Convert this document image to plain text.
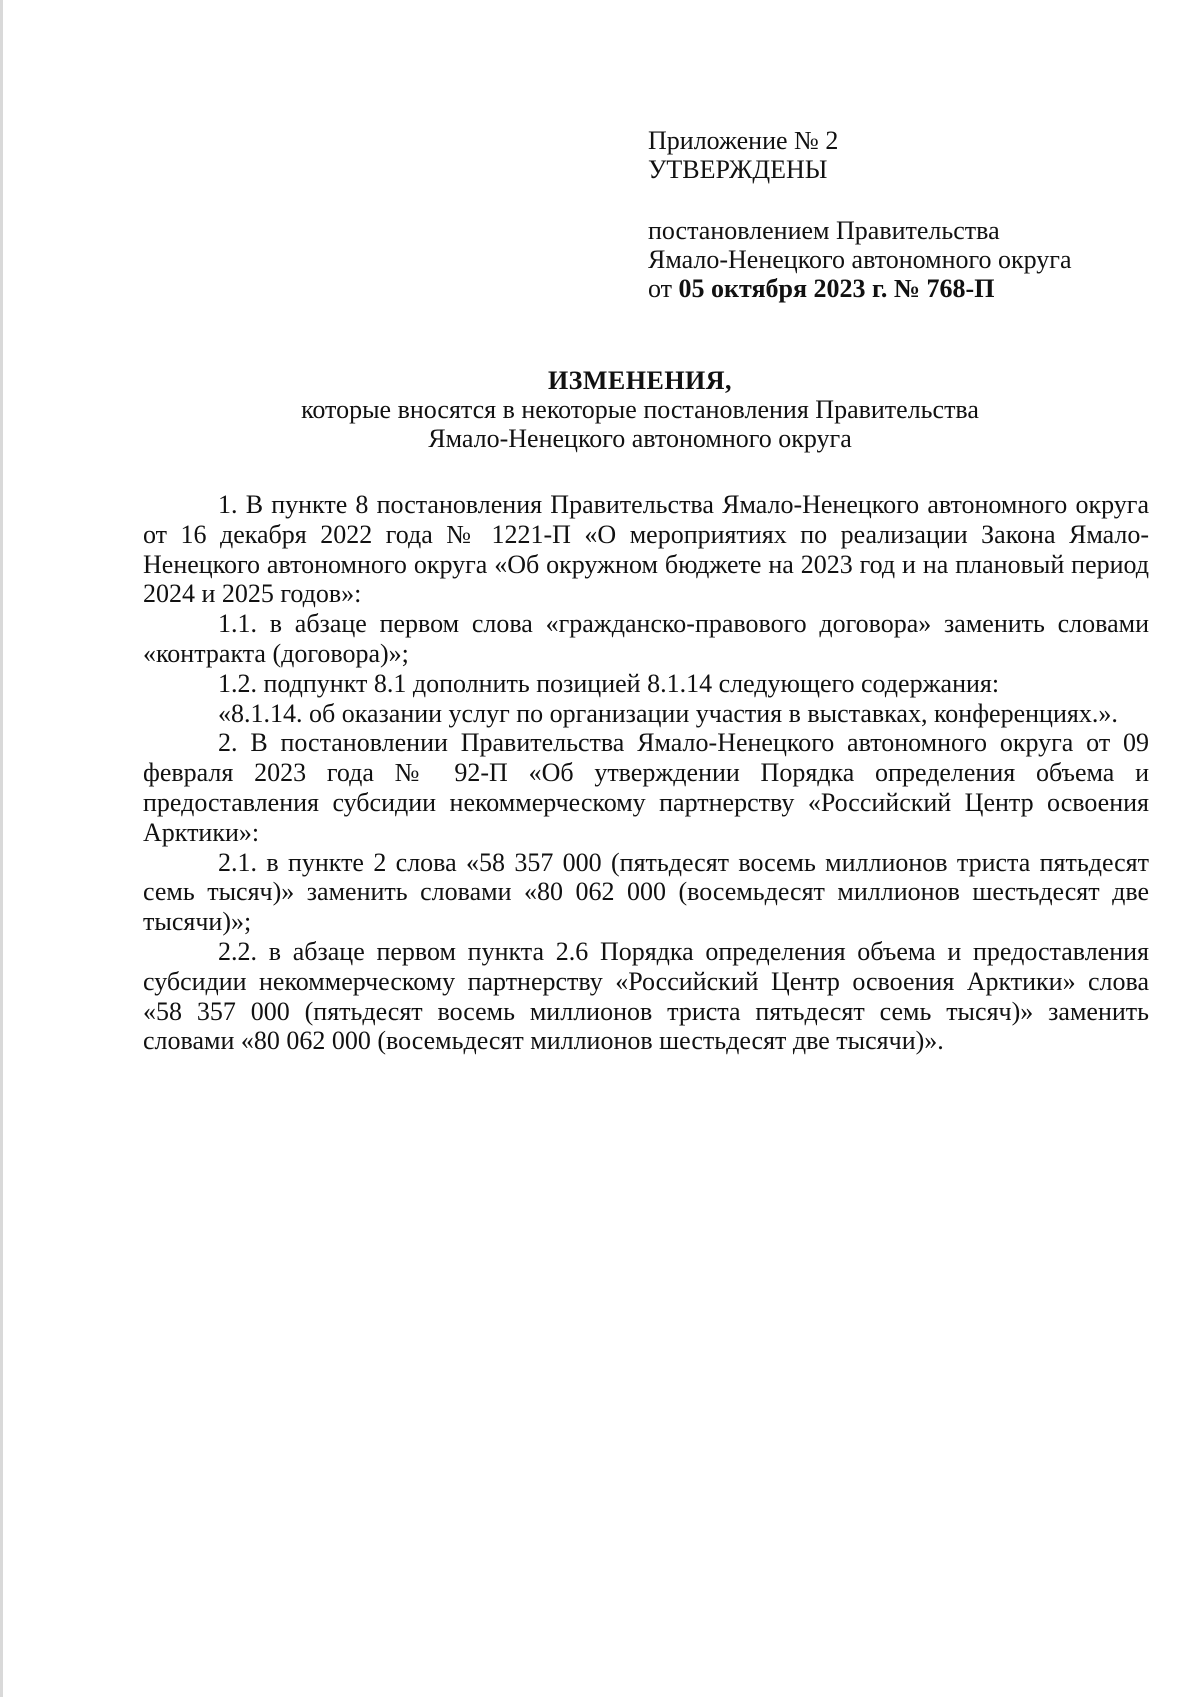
Приложение № 2
УТВЕРЖДЕНЫ
постановлением Правительства
Ямало-Ненецкого автономного округа
от 05 октября 2023 г. № 768-П
ИЗМЕНЕНИЯ,
которые вносятся в некоторые постановления Правительства
Ямало-Ненецкого автономного округа

1. В пункте 8 постановления Правительства Ямало-Ненецкого автономного округа от 16 декабря 2022 года № 1221-П «О мероприятиях по реализации Закона Ямало-Ненецкого автономного округа «Об окружном бюджете на 2023 год и на плановый период 2024 и 2025 годов»:

1.1. в абзаце первом слова «гражданско-правового договора» заменить словами «контракта (договора)»;

1.2. подпункт 8.1 дополнить позицией 8.1.14 следующего содержания:

«8.1.14. об оказании услуг по организации участия в выставках, конференциях.».

2. В постановлении Правительства Ямало-Ненецкого автономного округа от 09 февраля 2023 года № 92-П «Об утверждении Порядка определения объема и предоставления субсидии некоммерческому партнерству «Российский Центр освоения Арктики»:

2.1. в пункте 2 слова «58 357 000 (пятьдесят восемь миллионов триста пятьдесят семь тысяч)» заменить словами «80 062 000 (восемьдесят миллионов шестьдесят две тысячи)»;

2.2. в абзаце первом пункта 2.6 Порядка определения объема и предоставления субсидии некоммерческому партнерству «Российский Центр освоения Арктики» слова «58 357 000 (пятьдесят восемь миллионов триста пятьдесят семь тысяч)» заменить словами «80 062 000 (восемьдесят миллионов шестьдесят две тысячи)».
